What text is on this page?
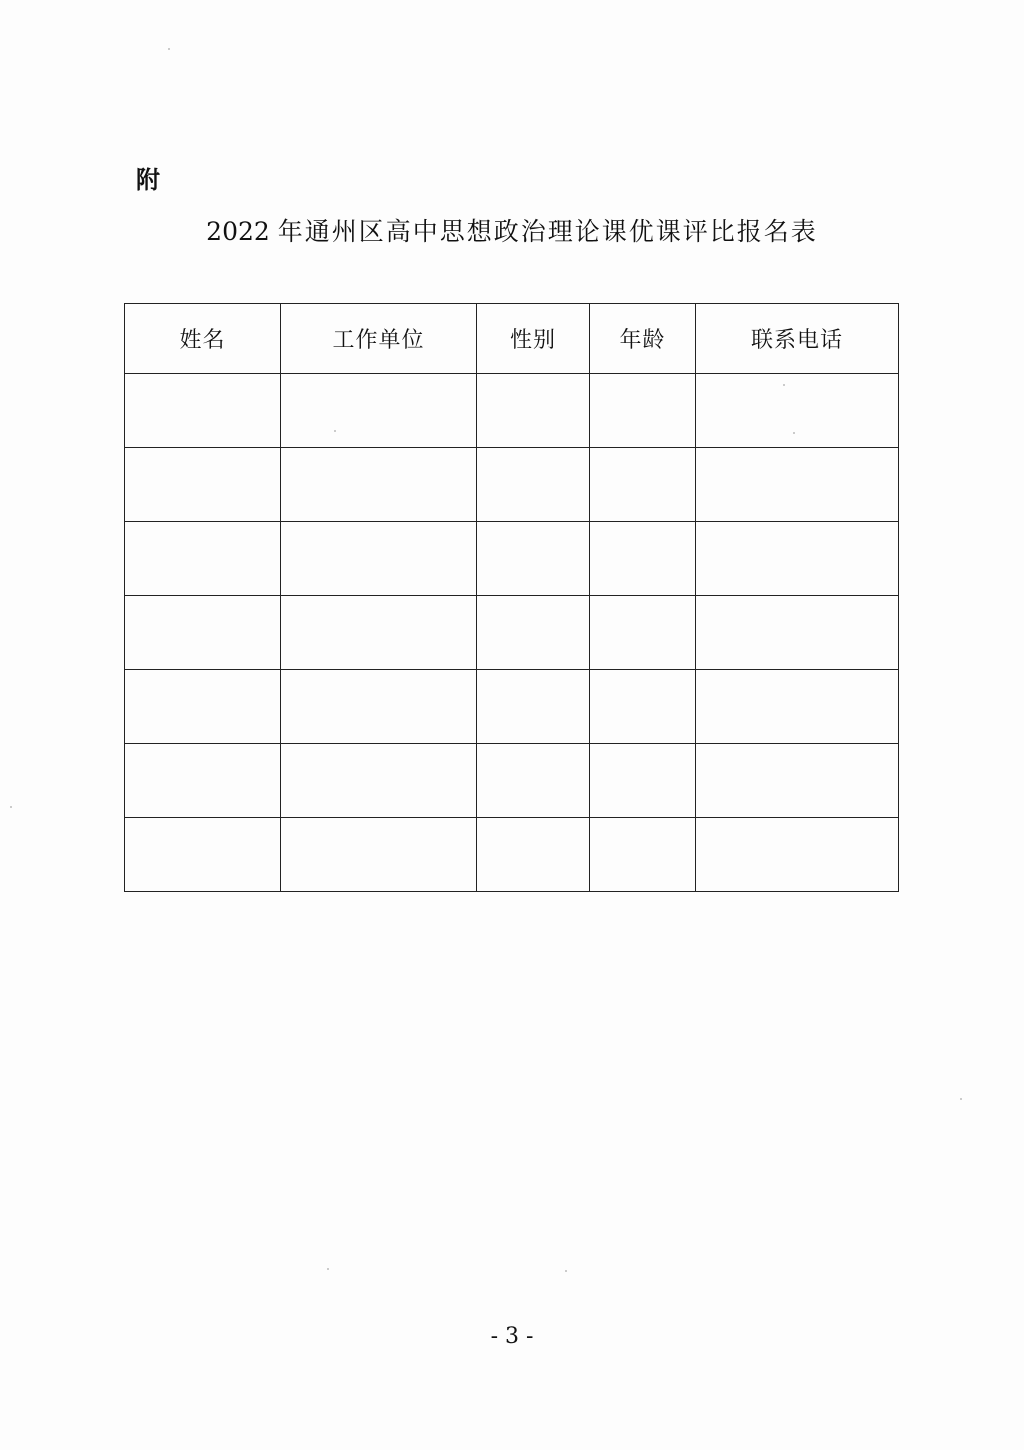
附
2022 年通州区高中思想政治理论课优课评比报名表
姓名	工作单位	性别	年龄	联系电话

- 3 -
